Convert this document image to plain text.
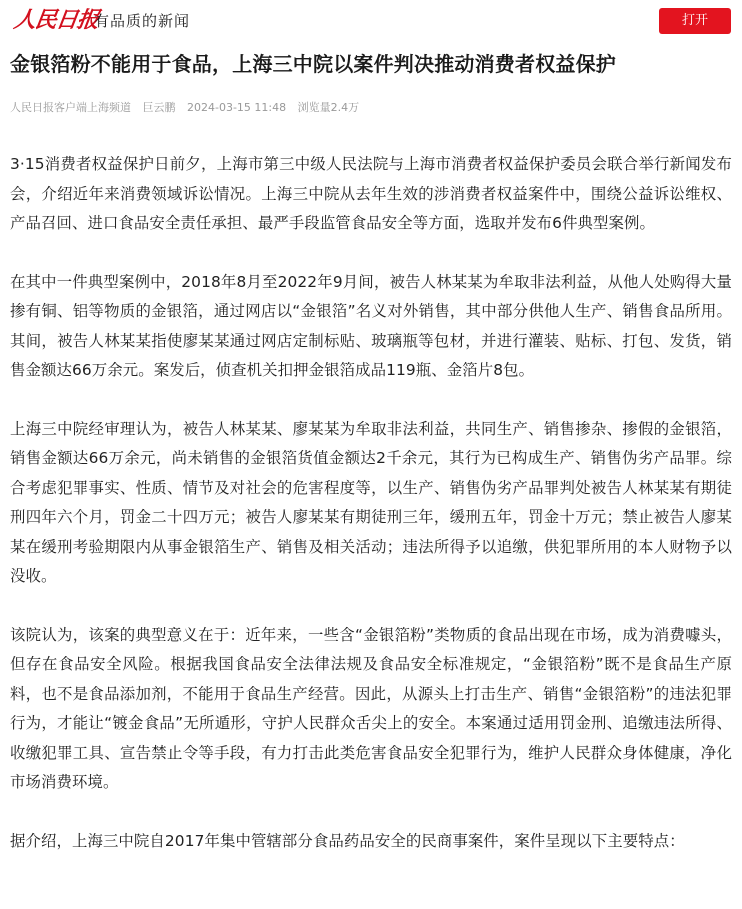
人民日报
有品质的新闻	打开
金银箔粉不能用于食品，上海三中院以案件判决推动消费者权益保护
人民日报客户端上海频道 巨云鹏 2024-03-15 11:48 浏览量2.4万

3·15消费者权益保护日前夕，上海市第三中级人民法院与上海市消费者权益保护委员会联合举行新闻发布会，介绍近年来消费领域诉讼情况。上海三中院从去年生效的涉消费者权益案件中，围绕公益诉讼维权、产品召回、进口食品安全责任承担、最严手段监管食品安全等方面，选取并发布6件典型案例。

在其中一件典型案例中，2018年8月至2022年9月间，被告人林某某为牟取非法利益，从他人处购得大量掺有铜、铝等物质的金银箔，通过网店以“金银箔”名义对外销售，其中部分供他人生产、销售食品所用。其间，被告人林某某指使廖某某通过网店定制标贴、玻璃瓶等包材，并进行灌装、贴标、打包、发货，销售金额达66万余元。案发后，侦查机关扣押金银箔成品119瓶、金箔片8包。

上海三中院经审理认为，被告人林某某、廖某某为牟取非法利益，共同生产、销售掺杂、掺假的金银箔，销售金额达66万余元，尚未销售的金银箔货值金额达2千余元，其行为已构成生产、销售伪劣产品罪。综合考虑犯罪事实、性质、情节及对社会的危害程度等，以生产、销售伪劣产品罪判处被告人林某某有期徒刑四年六个月，罚金二十四万元；被告人廖某某有期徒刑三年，缓刑五年，罚金十万元；禁止被告人廖某某在缓刑考验期限内从事金银箔生产、销售及相关活动；违法所得予以追缴，供犯罪所用的本人财物予以没收。

该院认为，该案的典型意义在于：近年来，一些含“金银箔粉”类物质的食品出现在市场，成为消费噱头，但存在食品安全风险。根据我国食品安全法律法规及食品安全标准规定，“金银箔粉”既不是食品生产原料，也不是食品添加剂，不能用于食品生产经营。因此，从源头上打击生产、销售“金银箔粉”的违法犯罪行为，才能让“镀金食品”无所遁形，守护人民群众舌尖上的安全。本案通过适用罚金刑、追缴违法所得、收缴犯罪工具、宣告禁止令等手段，有力打击此类危害食品安全犯罪行为，维护人民群众身体健康，净化市场消费环境。

据介绍，上海三中院自2017年集中管辖部分食品药品安全的民商事案件，案件呈现以下主要特点：
